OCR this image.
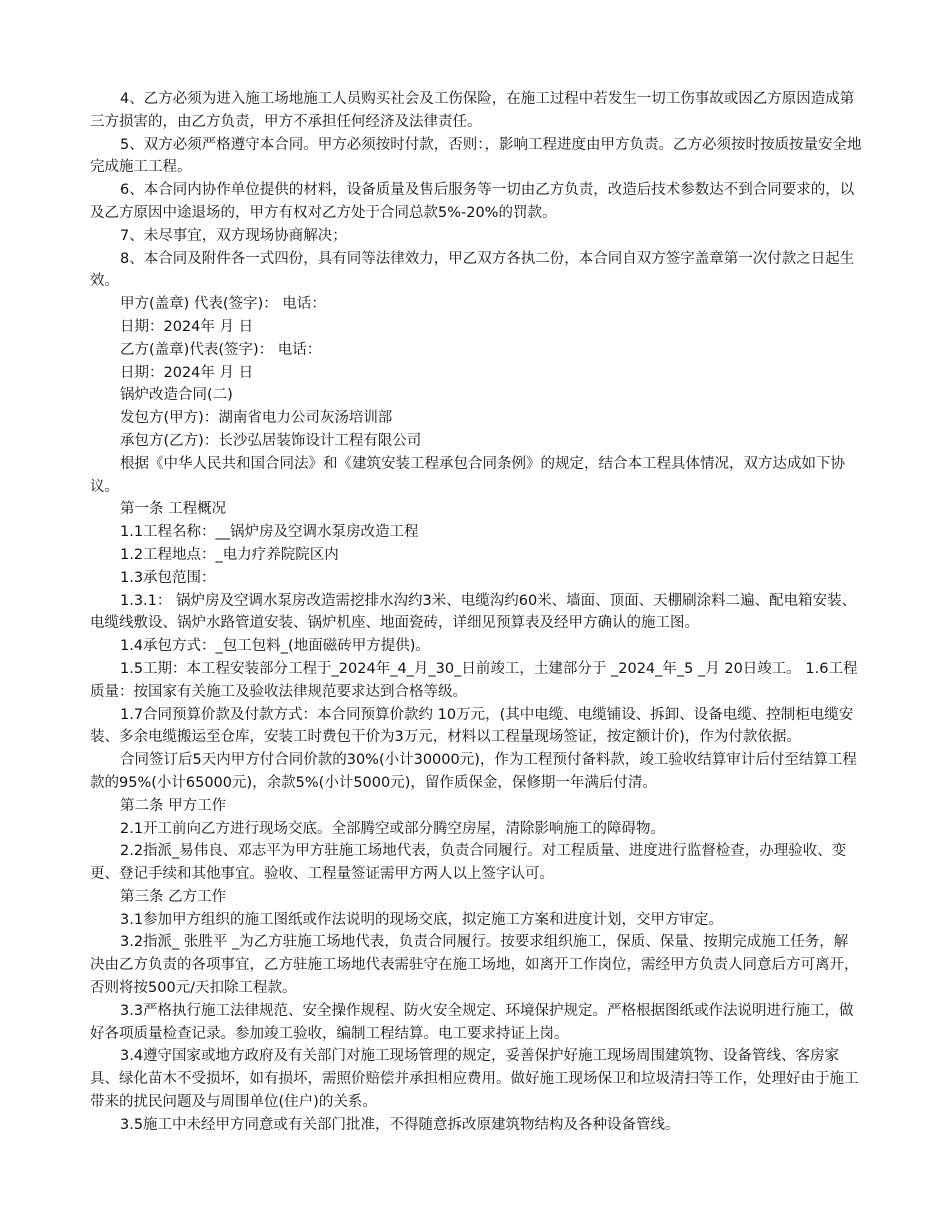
4、乙方必须为进入施工场地施工人员购买社会及工伤保险，在施工过程中若发生一切工伤事故或因乙方原因造成第三方损害的，由乙方负责，甲方不承担任何经济及法律责任。

5、双方必须严格遵守本合同。甲方必须按时付款，否则：，影响工程进度由甲方负责。乙方必须按时按质按量安全地完成施工工程。

6、本合同内协作单位提供的材料，设备质量及售后服务等一切由乙方负责，改造后技术参数达不到合同要求的，以及乙方原因中途退场的，甲方有权对乙方处于合同总款5%-20%的罚款。

7、未尽事宜，双方现场协商解决；

8、本合同及附件各一式四份，具有同等法律效力，甲乙双方各执二份，本合同自双方签字盖章第一次付款之日起生效。

甲方(盖章) 代表(签字)： 电话：

日期：2024年 月 日

乙方(盖章)代表(签字)： 电话：

日期：2024年 月 日

锅炉改造合同(二)

发包方(甲方)：湖南省电力公司灰汤培训部

承包方(乙方)：长沙弘居装饰设计工程有限公司

根据《中华人民共和国合同法》和《建筑安装工程承包合同条例》的规定，结合本工程具体情况，双方达成如下协议。

第一条 工程概况

1.1工程名称：__锅炉房及空调水泵房改造工程

1.2工程地点：_电力疗养院院区内

1.3承包范围：

1.3.1： 锅炉房及空调水泵房改造需挖排水沟约3米、电缆沟约60米、墙面、顶面、天棚刷涂料二遍、配电箱安装、电缆线敷设、锅炉水路管道安装、锅炉机座、地面瓷砖，详细见预算表及经甲方确认的施工图。

1.4承包方式：_包工包料_(地面磁砖甲方提供)。

1.5工期：本工程安装部分工程于_2024年_4_月_30_日前竣工，土建部分于 _2024_年_5 _月 20日竣工。 1.6工程质量：按国家有关施工及验收法律规范要求达到合格等级。

1.7合同预算价款及付款方式：本合同预算价款约 10万元，(其中电缆、电缆铺设、拆卸、设备电缆、控制柜电缆安装、多余电缆搬运至仓库，安装工时费包干价为3万元，材料以工程量现场签证，按定额计价)，作为付款依据。

合同签订后5天内甲方付合同价款的30%(小计30000元)，作为工程预付备料款，竣工验收结算审计后付至结算工程款的95%(小计65000元)，余款5%(小计5000元)，留作质保金，保修期一年满后付清。

第二条 甲方工作

2.1开工前向乙方进行现场交底。全部腾空或部分腾空房屋，清除影响施工的障碍物。

2.2指派_易伟良、邓志平为甲方驻施工场地代表，负责合同履行。对工程质量、进度进行监督检查，办理验收、变更、登记手续和其他事宜。验收、工程量签证需甲方两人以上签字认可。

第三条 乙方工作

3.1参加甲方组织的施工图纸或作法说明的现场交底，拟定施工方案和进度计划，交甲方审定。

3.2指派_ 张胜平 _为乙方驻施工场地代表，负责合同履行。按要求组织施工，保质、保量、按期完成施工任务，解决由乙方负责的各项事宜，乙方驻施工场地代表需驻守在施工场地，如离开工作岗位，需经甲方负责人同意后方可离开，否则将按500元/天扣除工程款。

3.3严格执行施工法律规范、安全操作规程、防火安全规定、环境保护规定。严格根据图纸或作法说明进行施工，做好各项质量检查记录。参加竣工验收，编制工程结算。电工要求持证上岗。

3.4遵守国家或地方政府及有关部门对施工现场管理的规定，妥善保护好施工现场周围建筑物、设备管线、客房家具、绿化苗木不受损坏，如有损坏，需照价赔偿并承担相应费用。做好施工现场保卫和垃圾清扫等工作，处理好由于施工带来的扰民问题及与周围单位(住户)的关系。

3.5施工中未经甲方同意或有关部门批准，不得随意拆改原建筑物结构及各种设备管线。
